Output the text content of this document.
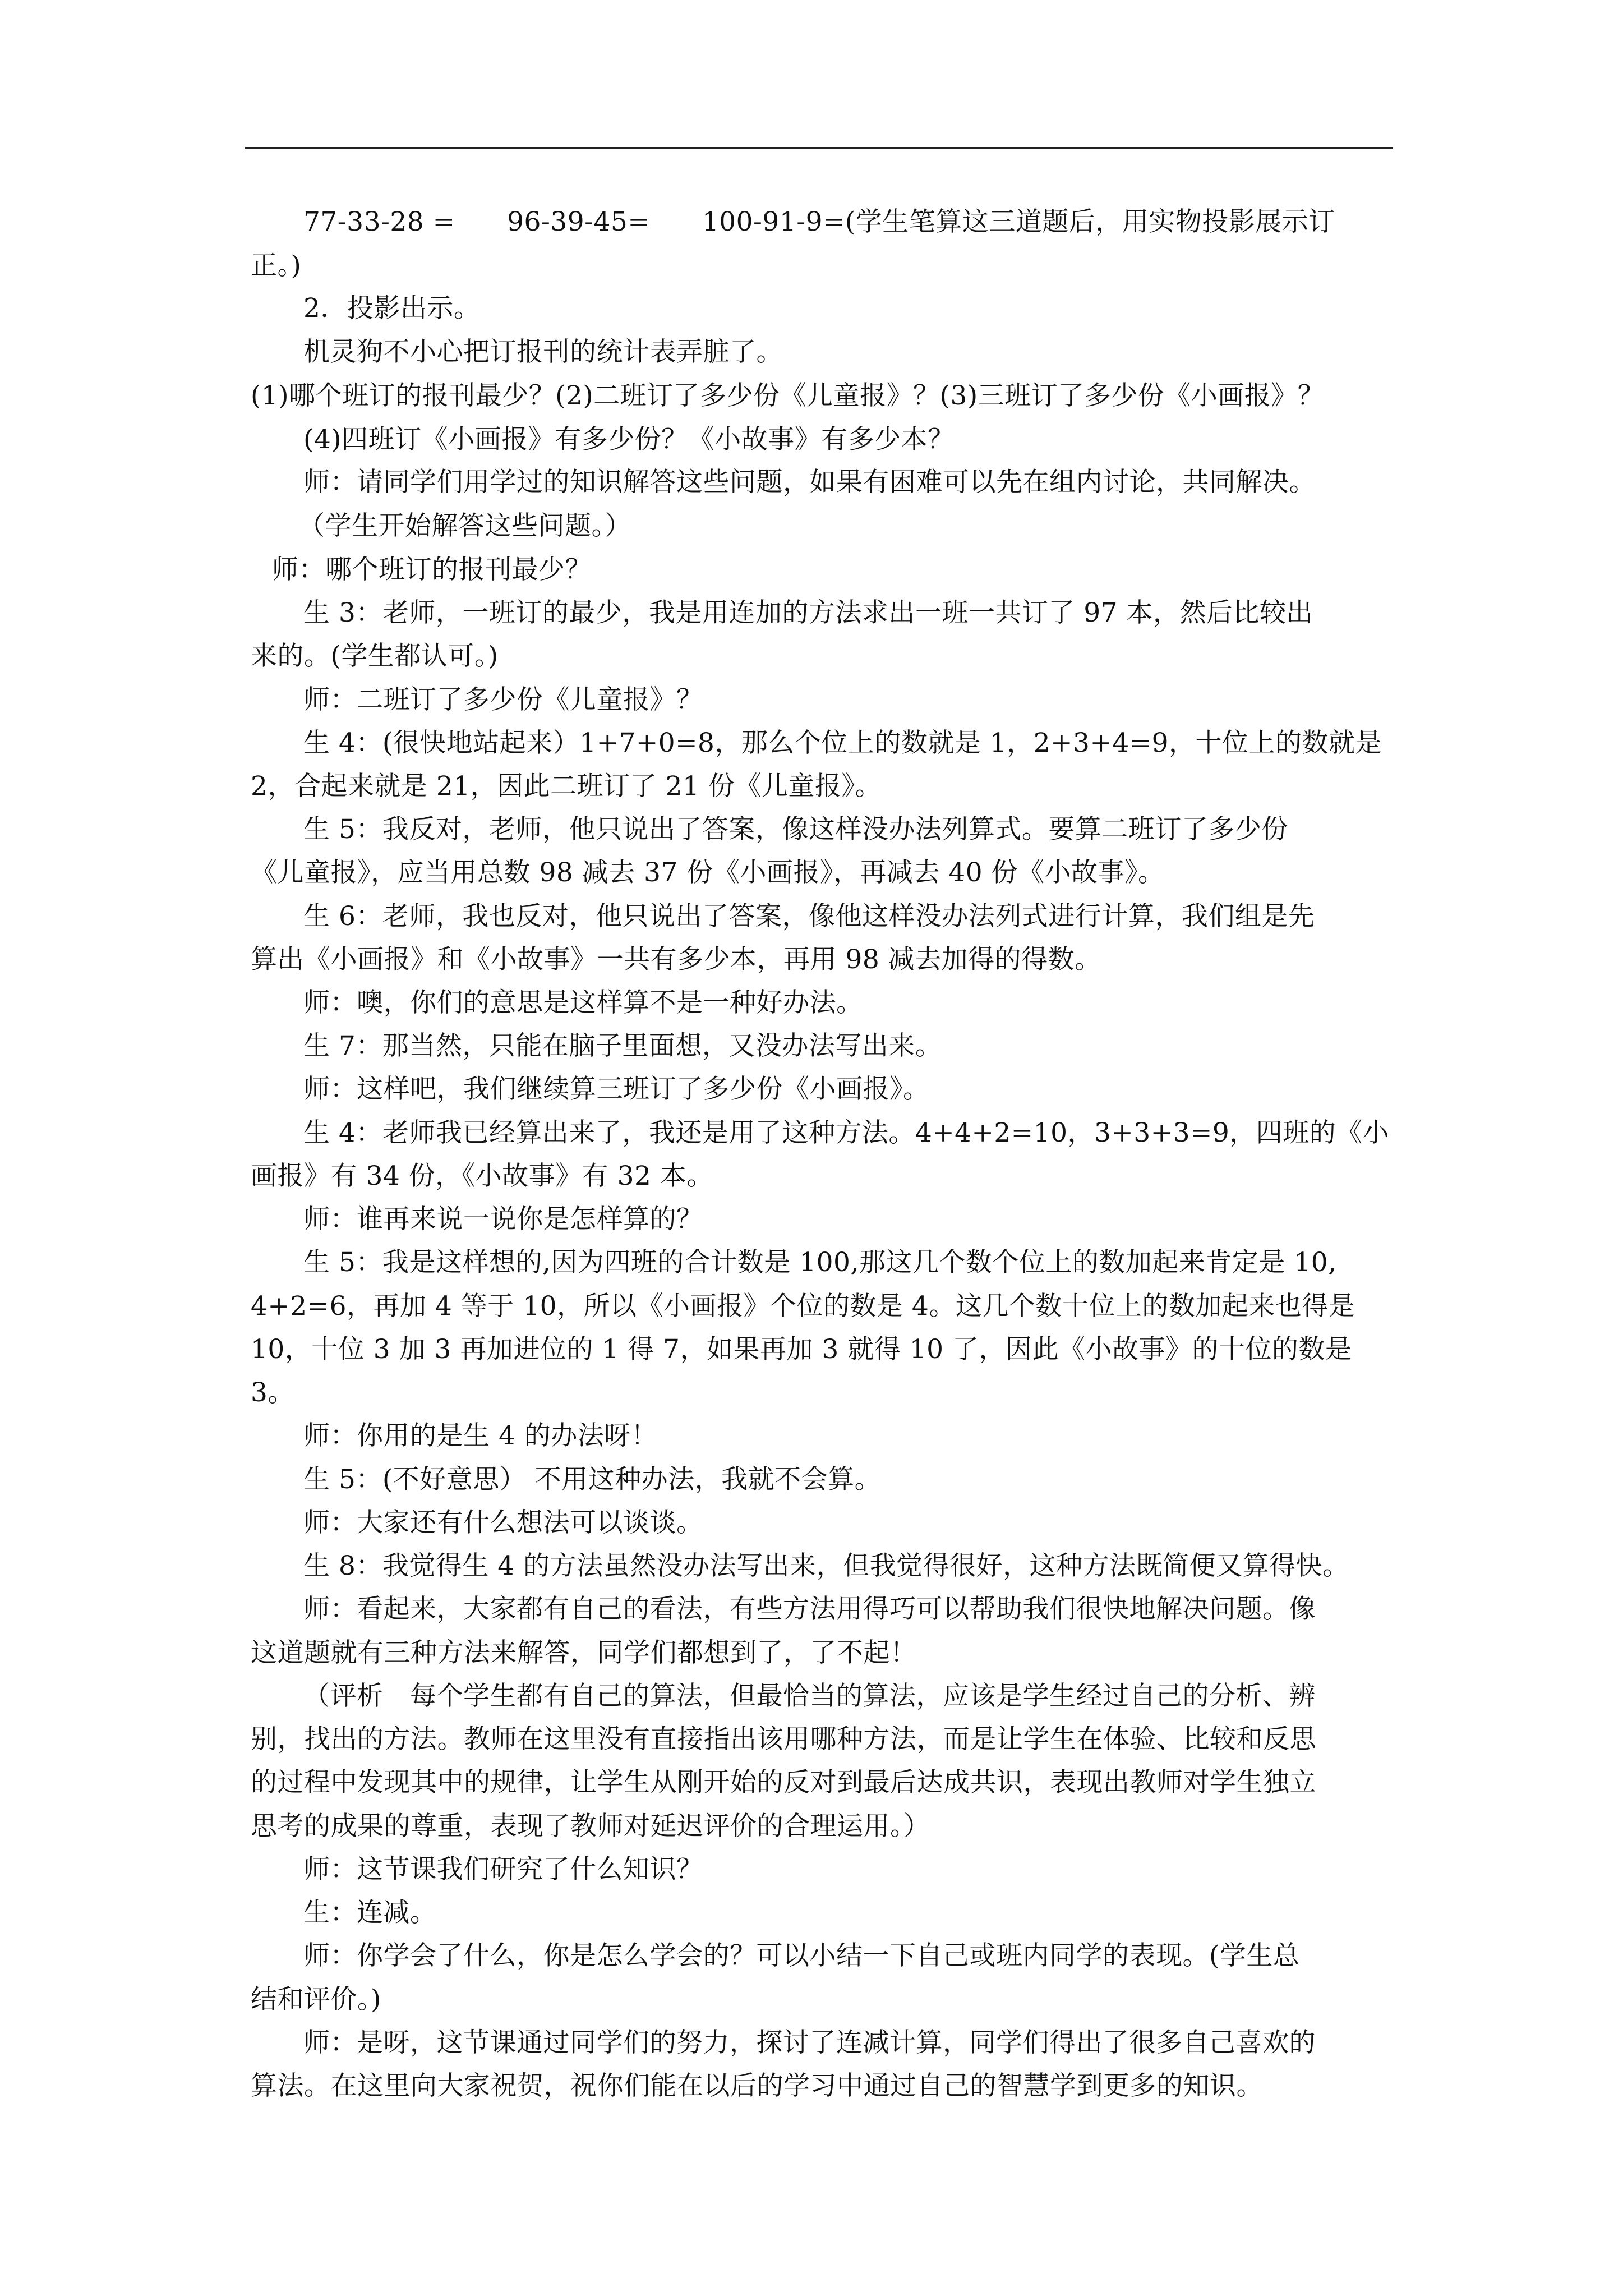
77-33-28 =      96-39-45=      100-91-9=(学生笔算这三道题后，用实物投影展示订
正。)
2．投影出示。
机灵狗不小心把订报刊的统计表弄脏了。
(1)哪个班订的报刊最少？(2)二班订了多少份《儿童报》？(3)三班订了多少份《小画报》？
(4)四班订《小画报》有多少份？《小故事》有多少本？
师：请同学们用学过的知识解答这些问题，如果有困难可以先在组内讨论，共同解决。
（学生开始解答这些问题。）
师：哪个班订的报刊最少？
生 3：老师，一班订的最少，我是用连加的方法求出一班一共订了 97 本，然后比较出
来的。(学生都认可。)
师：二班订了多少份《儿童报》？
生 4：(很快地站起来）1+7+0=8，那么个位上的数就是 1，2+3+4=9，十位上的数就是
2，合起来就是 21，因此二班订了 21 份《儿童报》。
生 5：我反对，老师，他只说出了答案，像这样没办法列算式。要算二班订了多少份
《儿童报》，应当用总数 98 减去 37 份《小画报》，再减去 40 份《小故事》。
生 6：老师，我也反对，他只说出了答案，像他这样没办法列式进行计算，我们组是先
算出《小画报》和《小故事》一共有多少本，再用 98 减去加得的得数。
师：噢，你们的意思是这样算不是一种好办法。
生 7：那当然，只能在脑子里面想，又没办法写出来。
师：这样吧，我们继续算三班订了多少份《小画报》。
生 4：老师我已经算出来了，我还是用了这种方法。4+4+2=10，3+3+3=9，四班的《小
画报》有 34 份，《小故事》有 32 本。
师：谁再来说一说你是怎样算的？
生 5：我是这样想的,因为四班的合计数是 100,那这几个数个位上的数加起来肯定是 10,
4+2=6，再加 4 等于 10，所以《小画报》个位的数是 4。这几个数十位上的数加起来也得是
10，十位 3 加 3 再加进位的 1 得 7，如果再加 3 就得 10 了，因此《小故事》的十位的数是
3。
师：你用的是生 4 的办法呀！
生 5：(不好意思） 不用这种办法，我就不会算。
师：大家还有什么想法可以谈谈。
生 8：我觉得生 4 的方法虽然没办法写出来，但我觉得很好，这种方法既简便又算得快。
师：看起来，大家都有自己的看法，有些方法用得巧可以帮助我们很快地解决问题。像
这道题就有三种方法来解答，同学们都想到了，了不起！
（评析　每个学生都有自己的算法，但最恰当的算法，应该是学生经过自己的分析、辨
别，找出的方法。教师在这里没有直接指出该用哪种方法，而是让学生在体验、比较和反思
的过程中发现其中的规律，让学生从刚开始的反对到最后达成共识，表现出教师对学生独立
思考的成果的尊重，表现了教师对延迟评价的合理运用。）
师：这节课我们研究了什么知识？
生：连减。
师：你学会了什么，你是怎么学会的？可以小结一下自己或班内同学的表现。(学生总
结和评价。)
师：是呀，这节课通过同学们的努力，探讨了连减计算，同学们得出了很多自己喜欢的
算法。在这里向大家祝贺，祝你们能在以后的学习中通过自己的智慧学到更多的知识。
